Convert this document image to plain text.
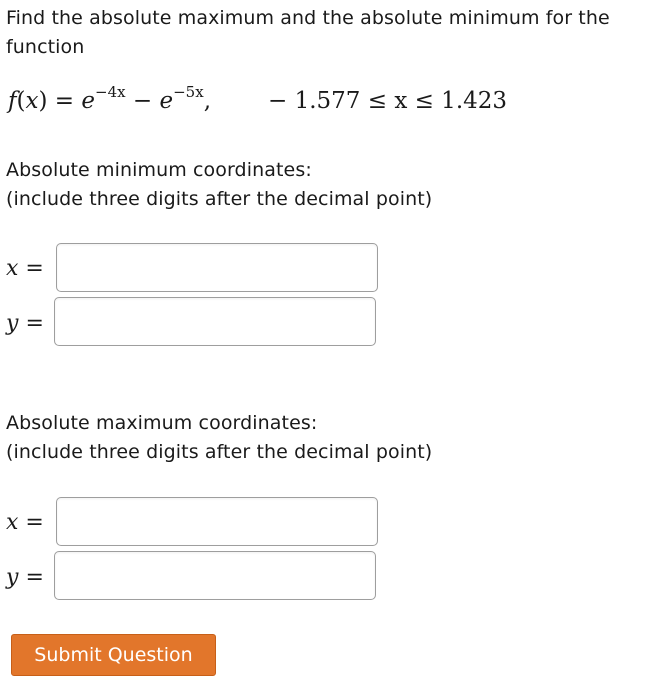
Find the absolute maximum and the absolute minimum for the
function
$f(x) = e^{-4x} - e^{-5x}$, − 1.577 ≤ x ≤ 1.423
Absolute minimum coordinates:
(include three digits after the decimal point)
x =
y =
Absolute maximum coordinates:
(include three digits after the decimal point)
x =
y =
Submit Question
